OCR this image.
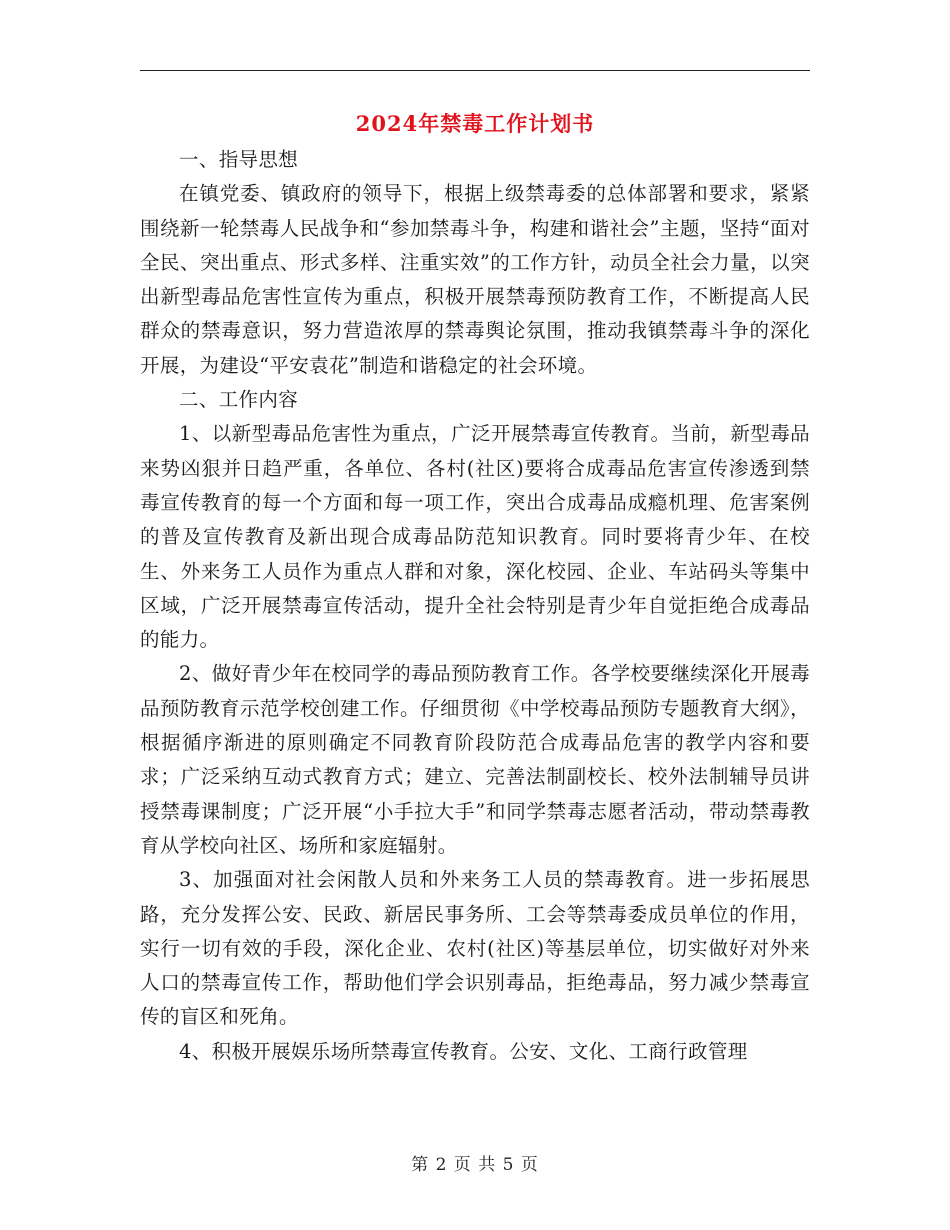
2024年禁毒工作计划书

一、指导思想

在镇党委、镇政府的领导下，根据上级禁毒委的总体部署和要求，紧紧围绕新一轮禁毒人民战争和“参加禁毒斗争，构建和谐社会”主题，坚持“面对全民、突出重点、形式多样、注重实效”的工作方针，动员全社会力量，以突出新型毒品危害性宣传为重点，积极开展禁毒预防教育工作，不断提高人民群众的禁毒意识，努力营造浓厚的禁毒舆论氛围，推动我镇禁毒斗争的深化开展，为建设“平安袁花”制造和谐稳定的社会环境。

二、工作内容

1、以新型毒品危害性为重点，广泛开展禁毒宣传教育。当前，新型毒品来势凶狠并日趋严重，各单位、各村(社区)要将合成毒品危害宣传渗透到禁毒宣传教育的每一个方面和每一项工作，突出合成毒品成瘾机理、危害案例的普及宣传教育及新出现合成毒品防范知识教育。同时要将青少年、在校生、外来务工人员作为重点人群和对象，深化校园、企业、车站码头等集中区域，广泛开展禁毒宣传活动，提升全社会特别是青少年自觉拒绝合成毒品的能力。

2、做好青少年在校同学的毒品预防教育工作。各学校要继续深化开展毒品预防教育示范学校创建工作。仔细贯彻《中学校毒品预防专题教育大纲》，根据循序渐进的原则确定不同教育阶段防范合成毒品危害的教学内容和要求；广泛采纳互动式教育方式；建立、完善法制副校长、校外法制辅导员讲授禁毒课制度；广泛开展“小手拉大手”和同学禁毒志愿者活动，带动禁毒教育从学校向社区、场所和家庭辐射。

3、加强面对社会闲散人员和外来务工人员的禁毒教育。进一步拓展思路，充分发挥公安、民政、新居民事务所、工会等禁毒委成员单位的作用，实行一切有效的手段，深化企业、农村(社区)等基层单位，切实做好对外来人口的禁毒宣传工作，帮助他们学会识别毒品，拒绝毒品，努力减少禁毒宣传的盲区和死角。

4、积极开展娱乐场所禁毒宣传教育。公安、文化、工商行政管理

第 2 页 共 5 页
